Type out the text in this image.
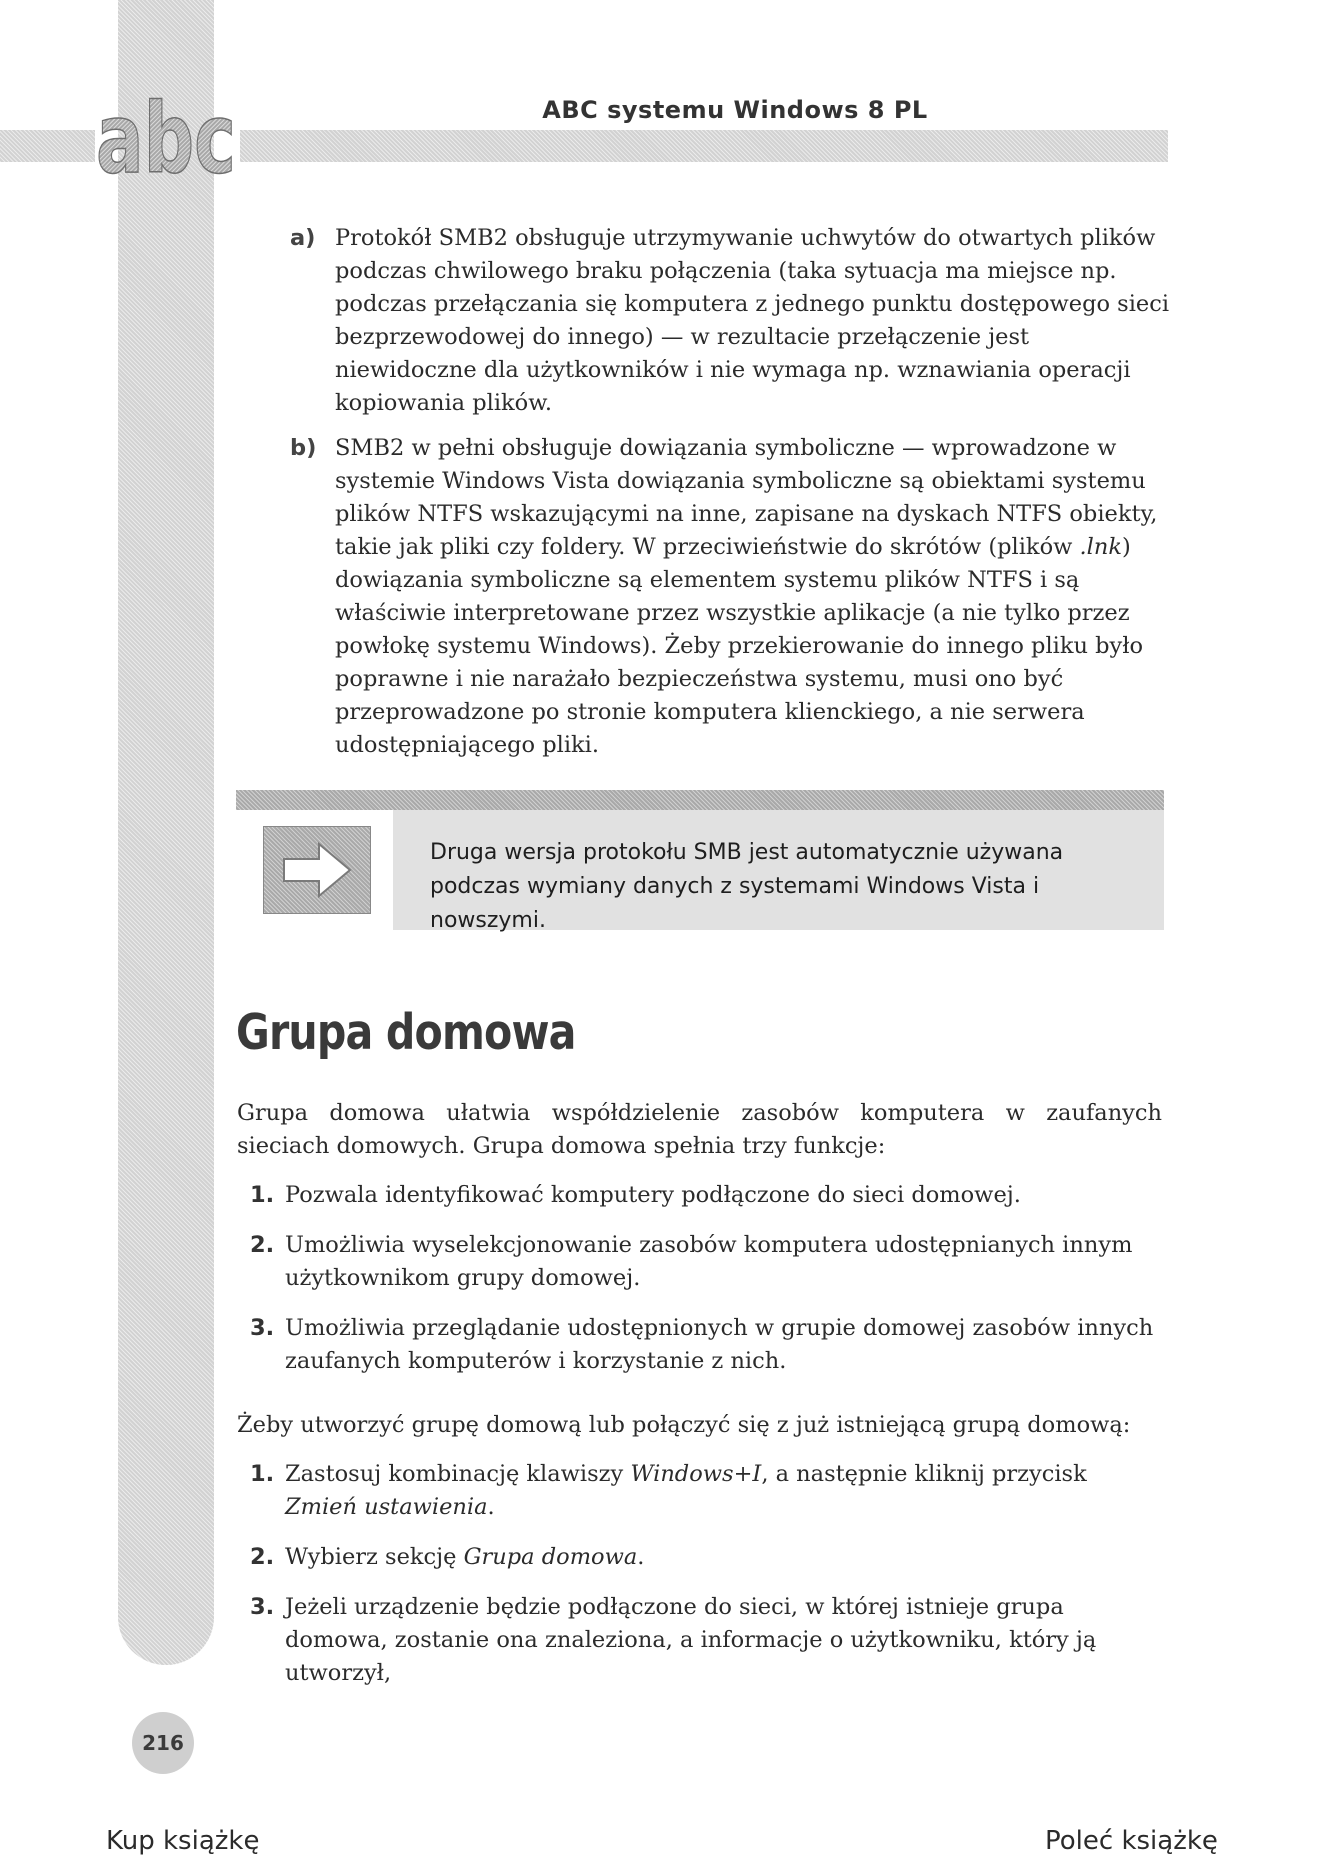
abc	ABC systemu Windows 8 PL
a) Protokół SMB2 obsługuje utrzymywanie uchwytów do otwartych plików podczas chwilowego braku połączenia (taka sytuacja ma miejsce np. podczas przełączania się komputera z jednego punktu dostępowego sieci bezprzewodowej do innego) — w rezultacie przełączenie jest niewidoczne dla użytkowników i nie wymaga np. wznawiania operacji kopiowania plików.
b) SMB2 w pełni obsługuje dowiązania symboliczne — wprowadzone w systemie Windows Vista dowiązania symboliczne są obiektami systemu plików NTFS wskazującymi na inne, zapisane na dyskach NTFS obiekty, takie jak pliki czy foldery. W przeciwieństwie do skrótów (plików .lnk) dowiązania symboliczne są elementem systemu plików NTFS i są właściwie interpretowane przez wszystkie aplikacje (a nie tylko przez powłokę systemu Windows). Żeby przekierowanie do innego pliku było poprawne i nie narażało bezpieczeństwa systemu, musi ono być przeprowadzone po stronie komputera klienckiego, a nie serwera udostępniającego pliki.
Druga wersja protokołu SMB jest automatycznie używana podczas wymiany danych z systemami Windows Vista i nowszymi.
Grupa domowa

Grupa domowa ułatwia współdzielenie zasobów komputera w zaufanych sieciach domowych. Grupa domowa spełnia trzy funkcje:

1. Pozwala identyfikować komputery podłączone do sieci domowej.
2. Umożliwia wyselekcjonowanie zasobów komputera udostępnianych innym użytkownikom grupy domowej.
3. Umożliwia przeglądanie udostępnionych w grupie domowej zasobów innych zaufanych komputerów i korzystanie z nich.

Żeby utworzyć grupę domową lub połączyć się z już istniejącą grupą domową:

1. Zastosuj kombinację klawiszy Windows+I, a następnie kliknij przycisk Zmień ustawienia.
2. Wybierz sekcję Grupa domowa.
3. Jeżeli urządzenie będzie podłączone do sieci, w której istnieje grupa domowa, zostanie ona znaleziona, a informacje o użytkowniku, który ją utworzył,
216
Kup książkę	Poleć książkę
